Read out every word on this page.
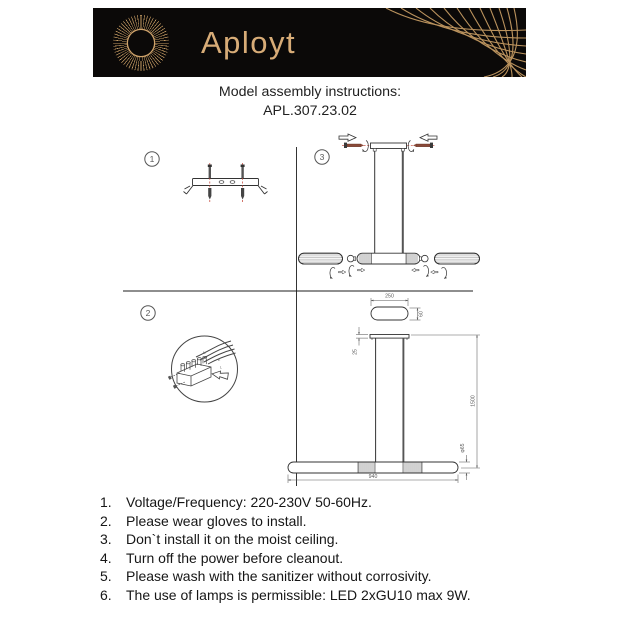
Aployt
Model assembly instructions:
APL.307.23.02
1
2
3
N
E
L
250
60
25
940
1500
φ65
1.	Voltage/Frequency: 220-230V 50-60Hz.
2.	Please wear gloves to install.
3.	Don`t install it on the moist ceiling.
4.	Turn off the power before cleanout.
5.	Please wash with the sanitizer without corrosivity.
6.	The use of lamps is permissible: LED 2xGU10 max 9W.
